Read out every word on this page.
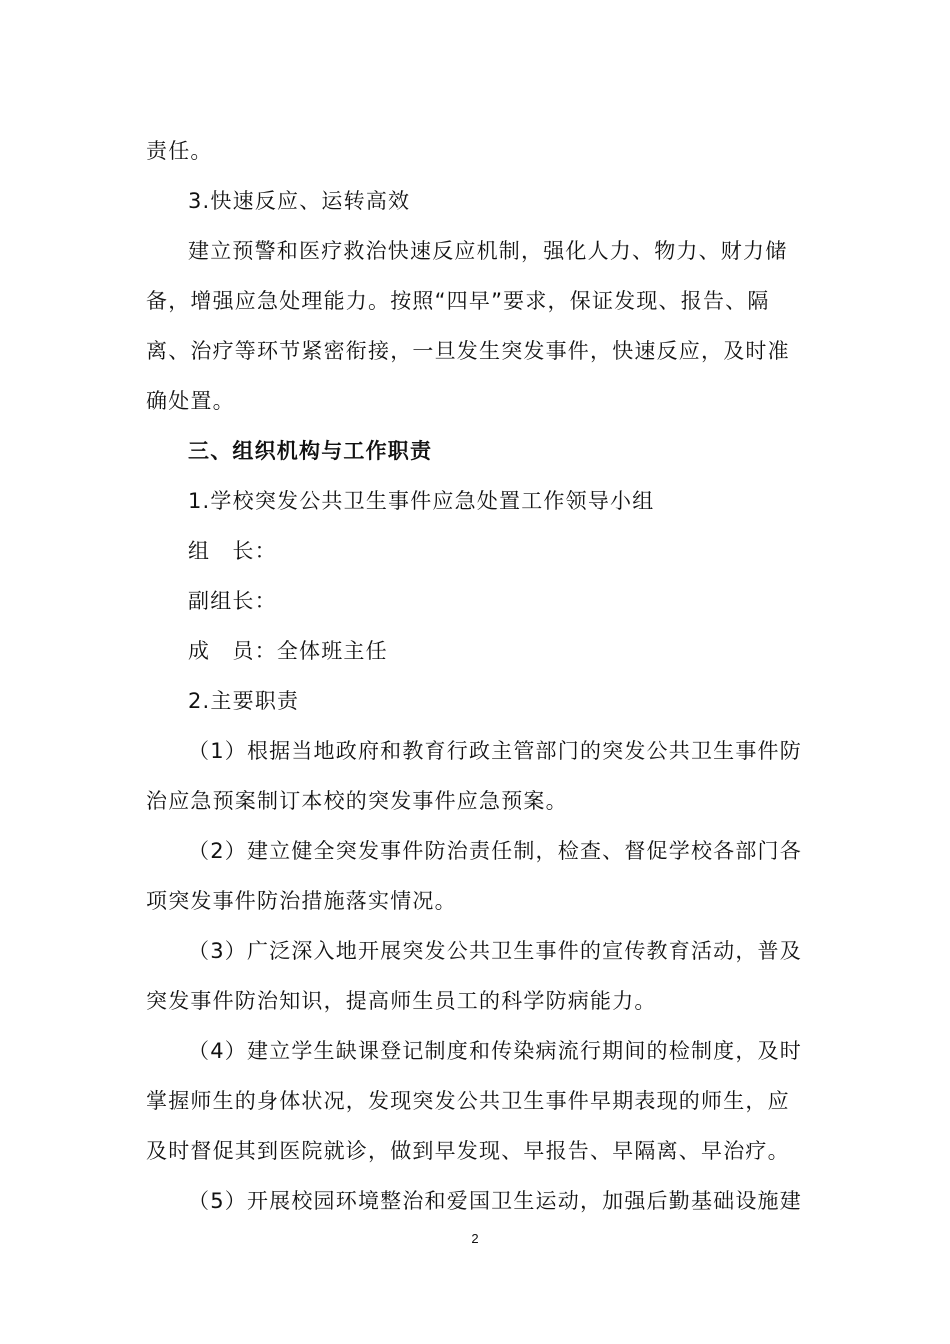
责任。
3.快速反应、运转高效
建立预警和医疗救治快速反应机制，强化人力、物力、财力储
备，增强应急处理能力。按照“四早”要求，保证发现、报告、隔
离、治疗等环节紧密衔接，一旦发生突发事件，快速反应，及时准
确处置。
三、组织机构与工作职责
1.学校突发公共卫生事件应急处置工作领导小组
组　长：
副组长：
成　员：全体班主任
2.主要职责
（1）根据当地政府和教育行政主管部门的突发公共卫生事件防
治应急预案制订本校的突发事件应急预案。
（2）建立健全突发事件防治责任制，检查、督促学校各部门各
项突发事件防治措施落实情况。
（3）广泛深入地开展突发公共卫生事件的宣传教育活动，普及
突发事件防治知识，提高师生员工的科学防病能力。
（4）建立学生缺课登记制度和传染病流行期间的检制度，及时
掌握师生的身体状况，发现突发公共卫生事件早期表现的师生，应
及时督促其到医院就诊，做到早发现、早报告、早隔离、早治疗。
（5）开展校园环境整治和爱国卫生运动，加强后勤基础设施建
2
